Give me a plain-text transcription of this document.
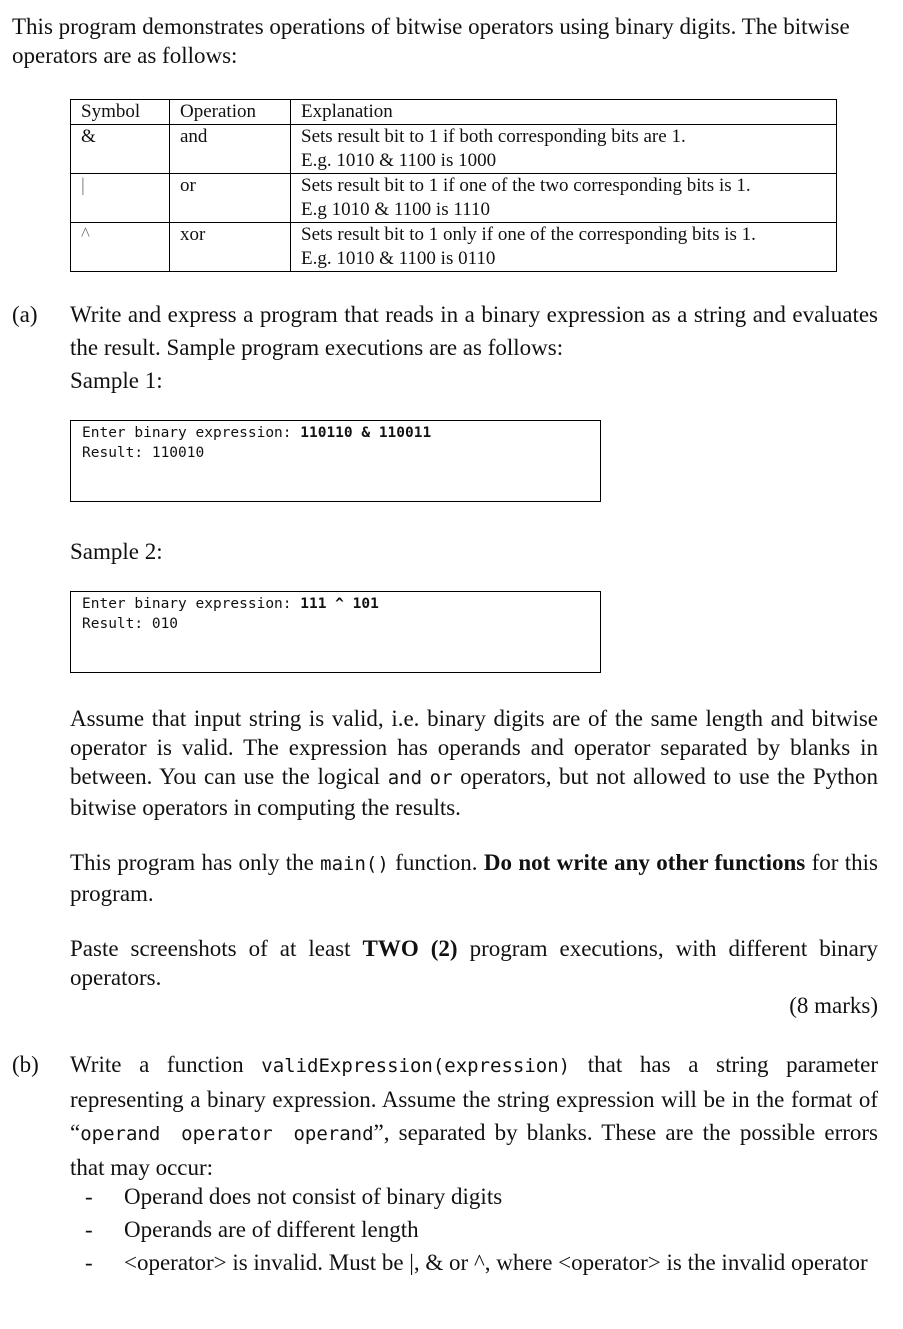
This program demonstrates operations of bitwise operators using binary digits. The bitwise operators are as follows:
Symbol	Operation	Explanation
&	and	Sets result bit to 1 if both corresponding bits are 1.
E.g. 1010 & 1100 is 1000

|	or	Sets result bit to 1 if one of the two corresponding bits is 1.
E.g 1010 & 1100 is 1110

^	xor	Sets result bit to 1 only if one of the corresponding bits is 1.
E.g. 1010 & 1100 is 0110
(a) Write and express a program that reads in a binary expression as a string and evaluates the result. Sample program executions are as follows:
Sample 1:
Enter binary expression: 110110 & 110011
Result: 110010
Sample 2:
Enter binary expression: 111 ^ 101
Result: 010
Assume that input string is valid, i.e. binary digits are of the same length and bitwise operator is valid. The expression has operands and operator separated by blanks in between. You can use the logical and or operators, but not allowed to use the Python bitwise operators in computing the results.
This program has only the main() function. Do not write any other functions for this program.
Paste screenshots of at least TWO (2) program executions, with different binary operators.
(8 marks)
(b) Write a function validExpression(expression) that has a string parameter representing a binary expression. Assume the string expression will be in the format of “operand operator operand”, separated by blanks. These are the possible errors that may occur:
- Operand does not consist of binary digits
- Operands are of different length
- <operator> is invalid. Must be |, & or ^, where <operator> is the invalid operator
